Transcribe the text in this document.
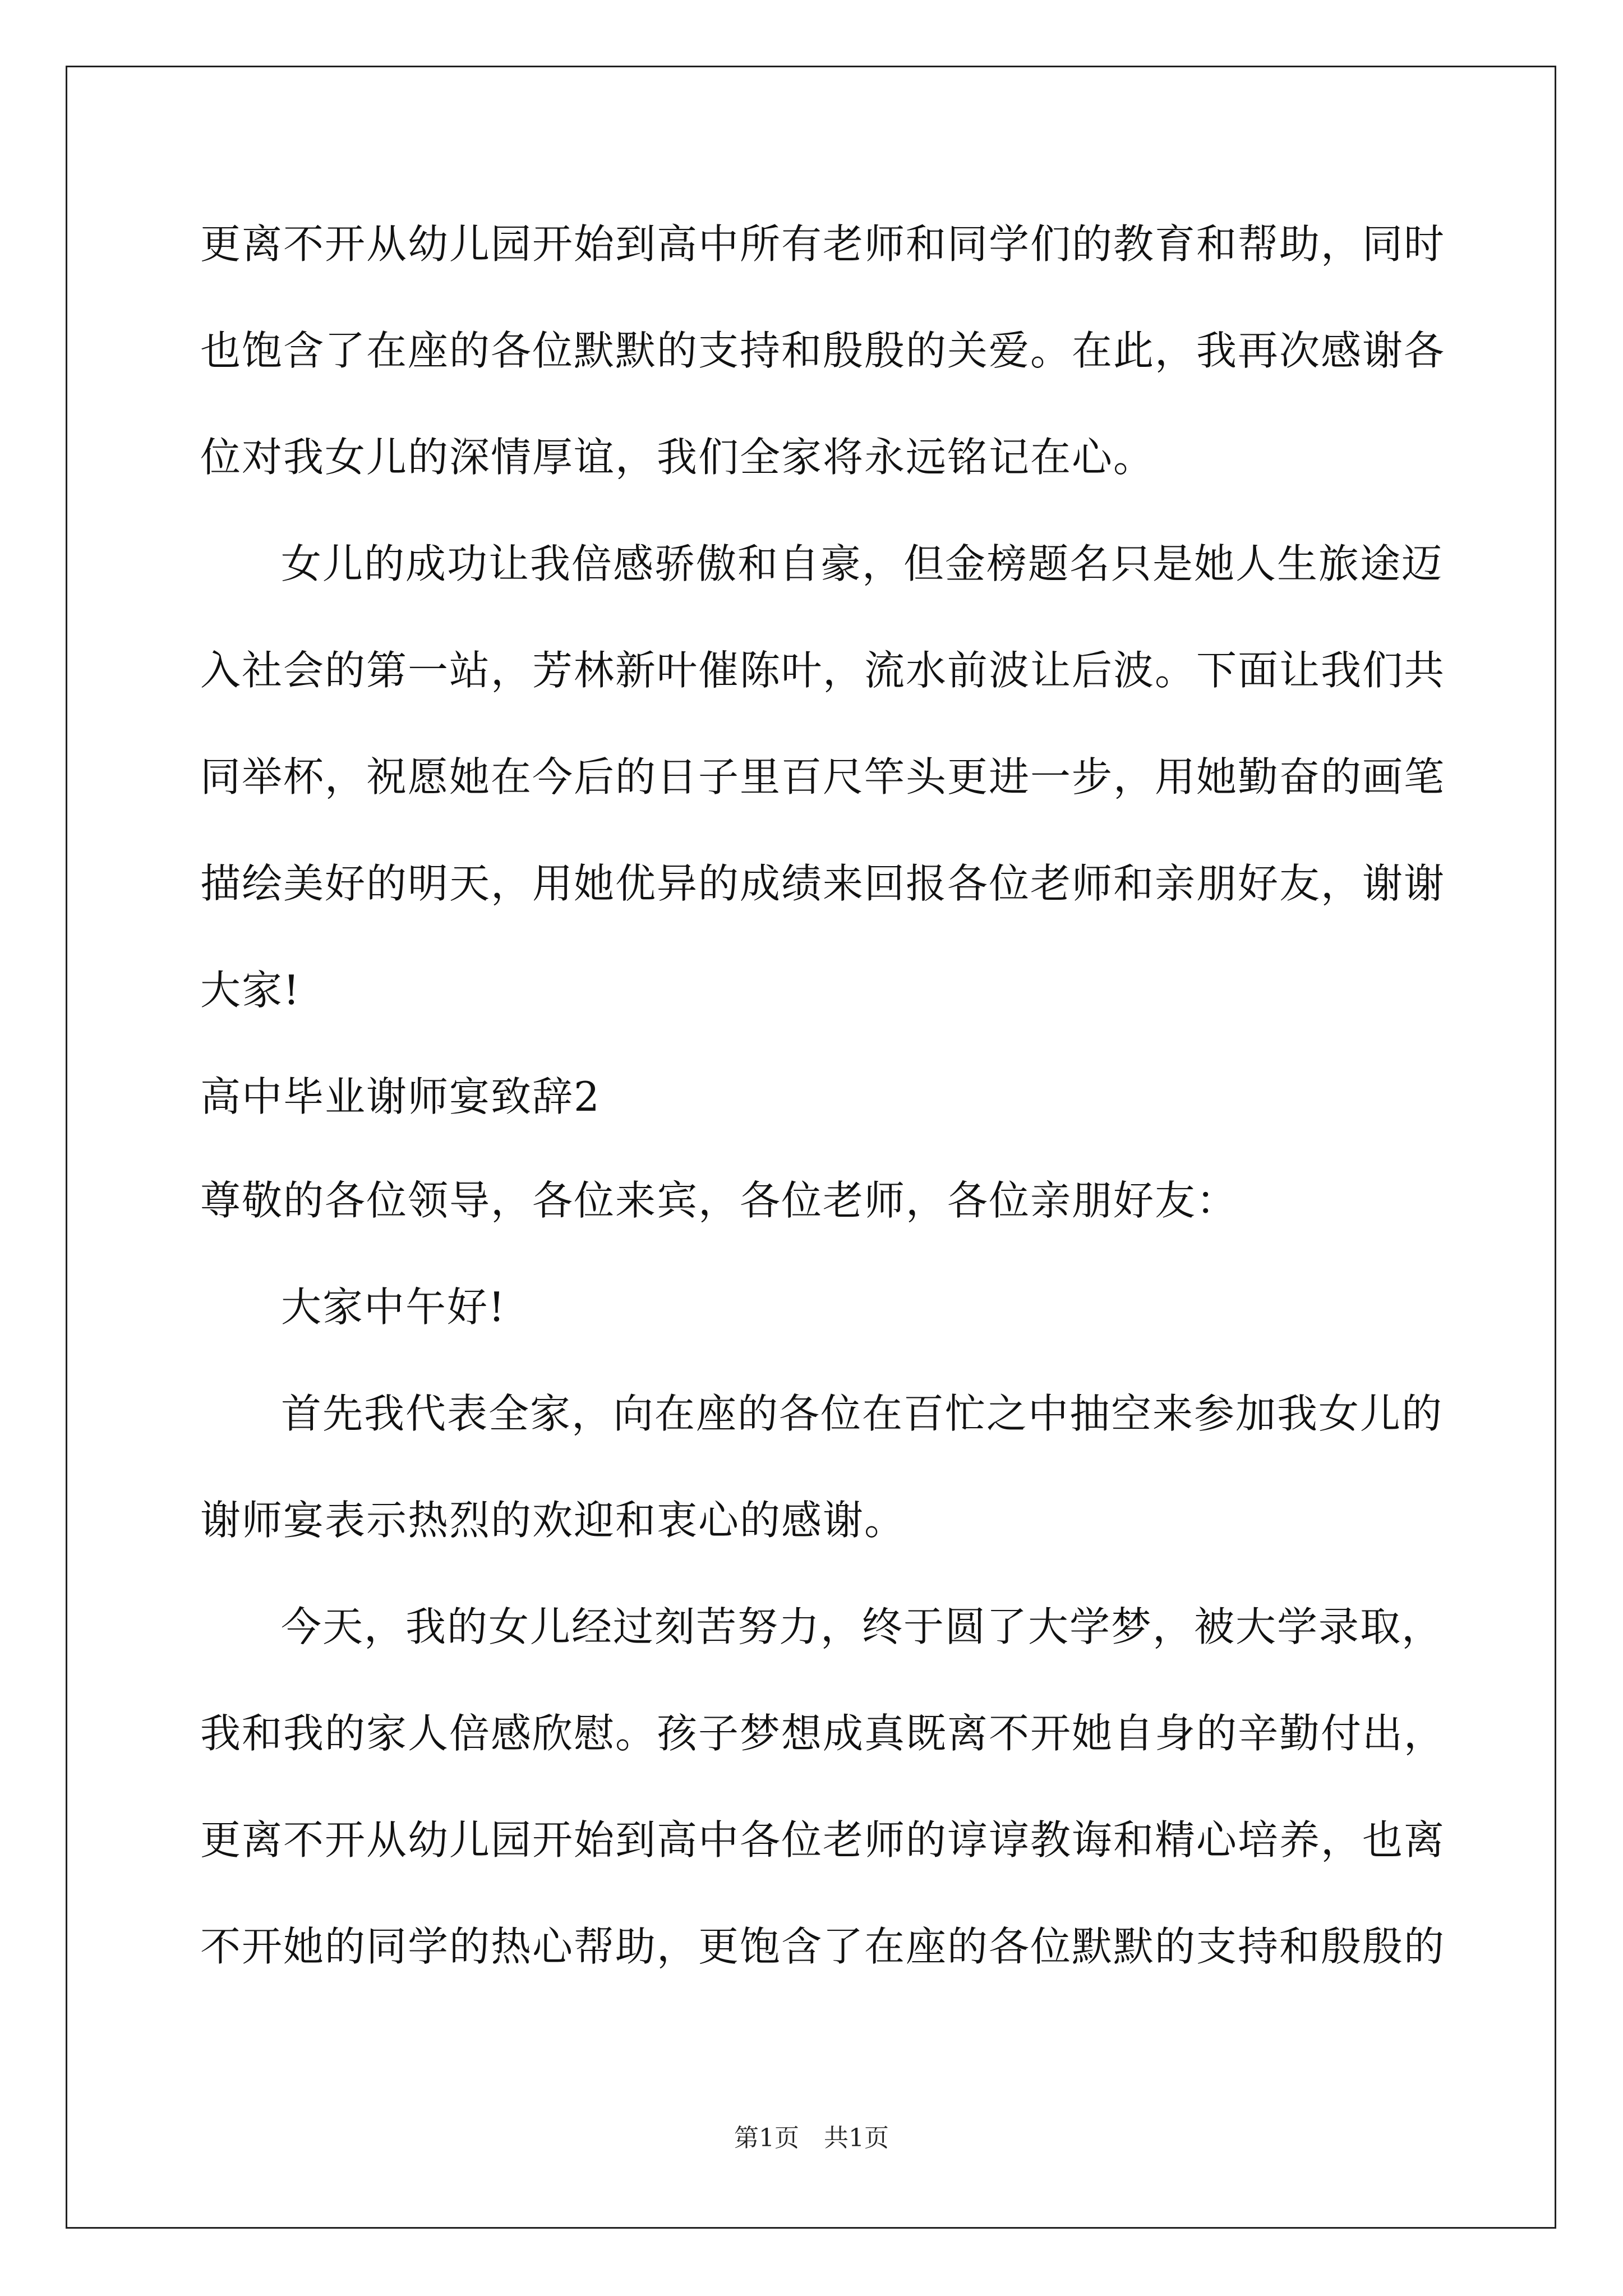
更离不开从幼儿园开始到高中所有老师和同学们的教育和帮助，同时
也饱含了在座的各位默默的支持和殷殷的关爱。在此，我再次感谢各
位对我女儿的深情厚谊，我们全家将永远铭记在心。
女儿的成功让我倍感骄傲和自豪，但金榜题名只是她人生旅途迈
入社会的第一站，芳林新叶催陈叶，流水前波让后波。下面让我们共
同举杯，祝愿她在今后的日子里百尺竿头更进一步，用她勤奋的画笔
描绘美好的明天，用她优异的成绩来回报各位老师和亲朋好友，谢谢
大家!
高中毕业谢师宴致辞2
尊敬的各位领导，各位来宾，各位老师，各位亲朋好友：
大家中午好!
首先我代表全家，向在座的各位在百忙之中抽空来参加我女儿的
谢师宴表示热烈的欢迎和衷心的感谢。
今天，我的女儿经过刻苦努力，终于圆了大学梦，被大学录取，
我和我的家人倍感欣慰。孩子梦想成真既离不开她自身的辛勤付出，
更离不开从幼儿园开始到高中各位老师的谆谆教诲和精心培养，也离
不开她的同学的热心帮助，更饱含了在座的各位默默的支持和殷殷的
第1页　共1页
